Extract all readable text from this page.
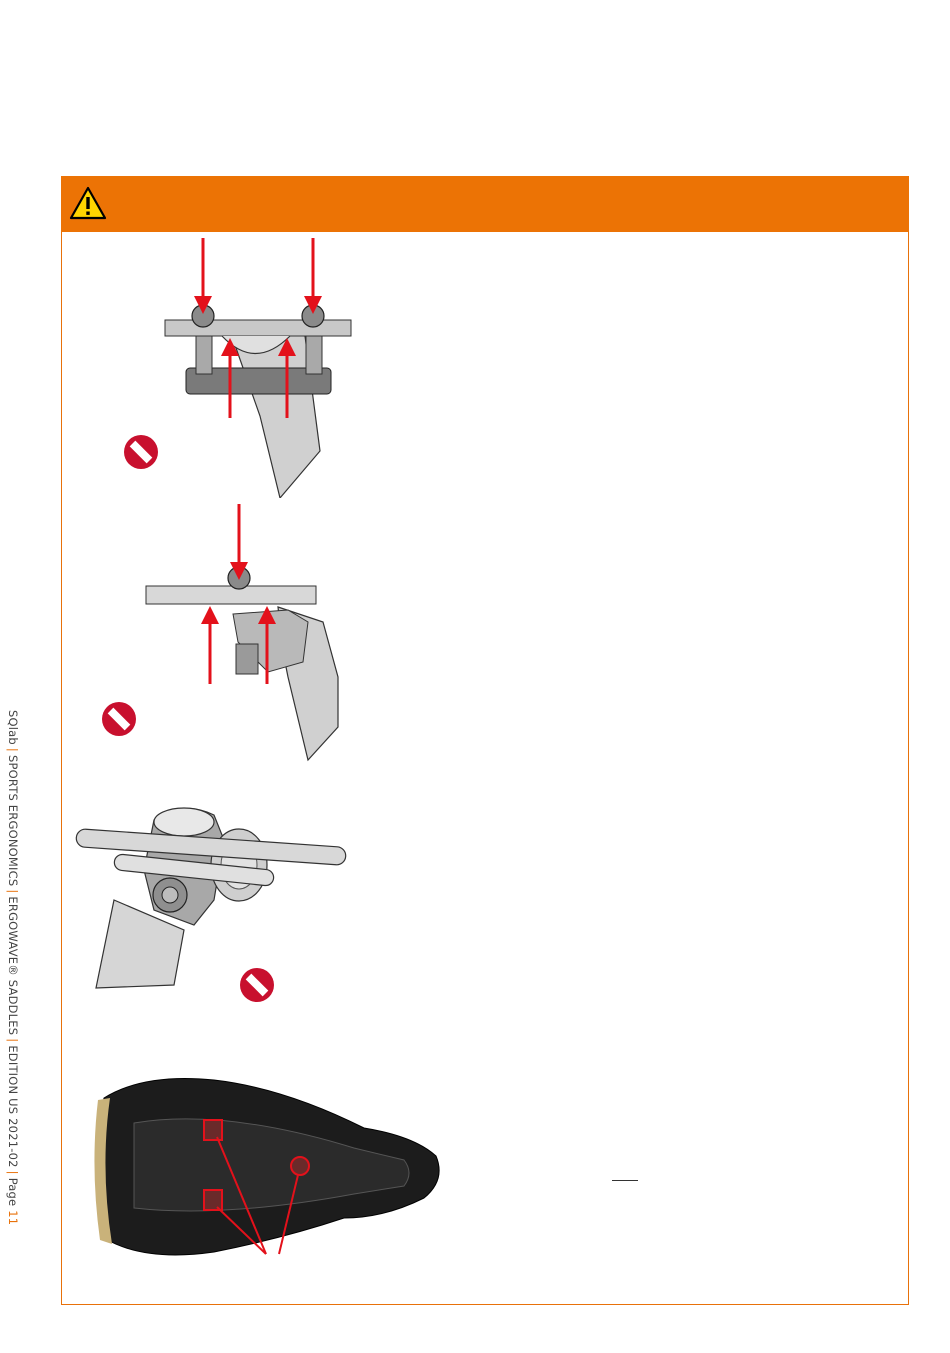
SQlab|SPORTS ERGONOMICS|ERGOWAVE® SADDLES|EDITION US 2021-02|Page 11
